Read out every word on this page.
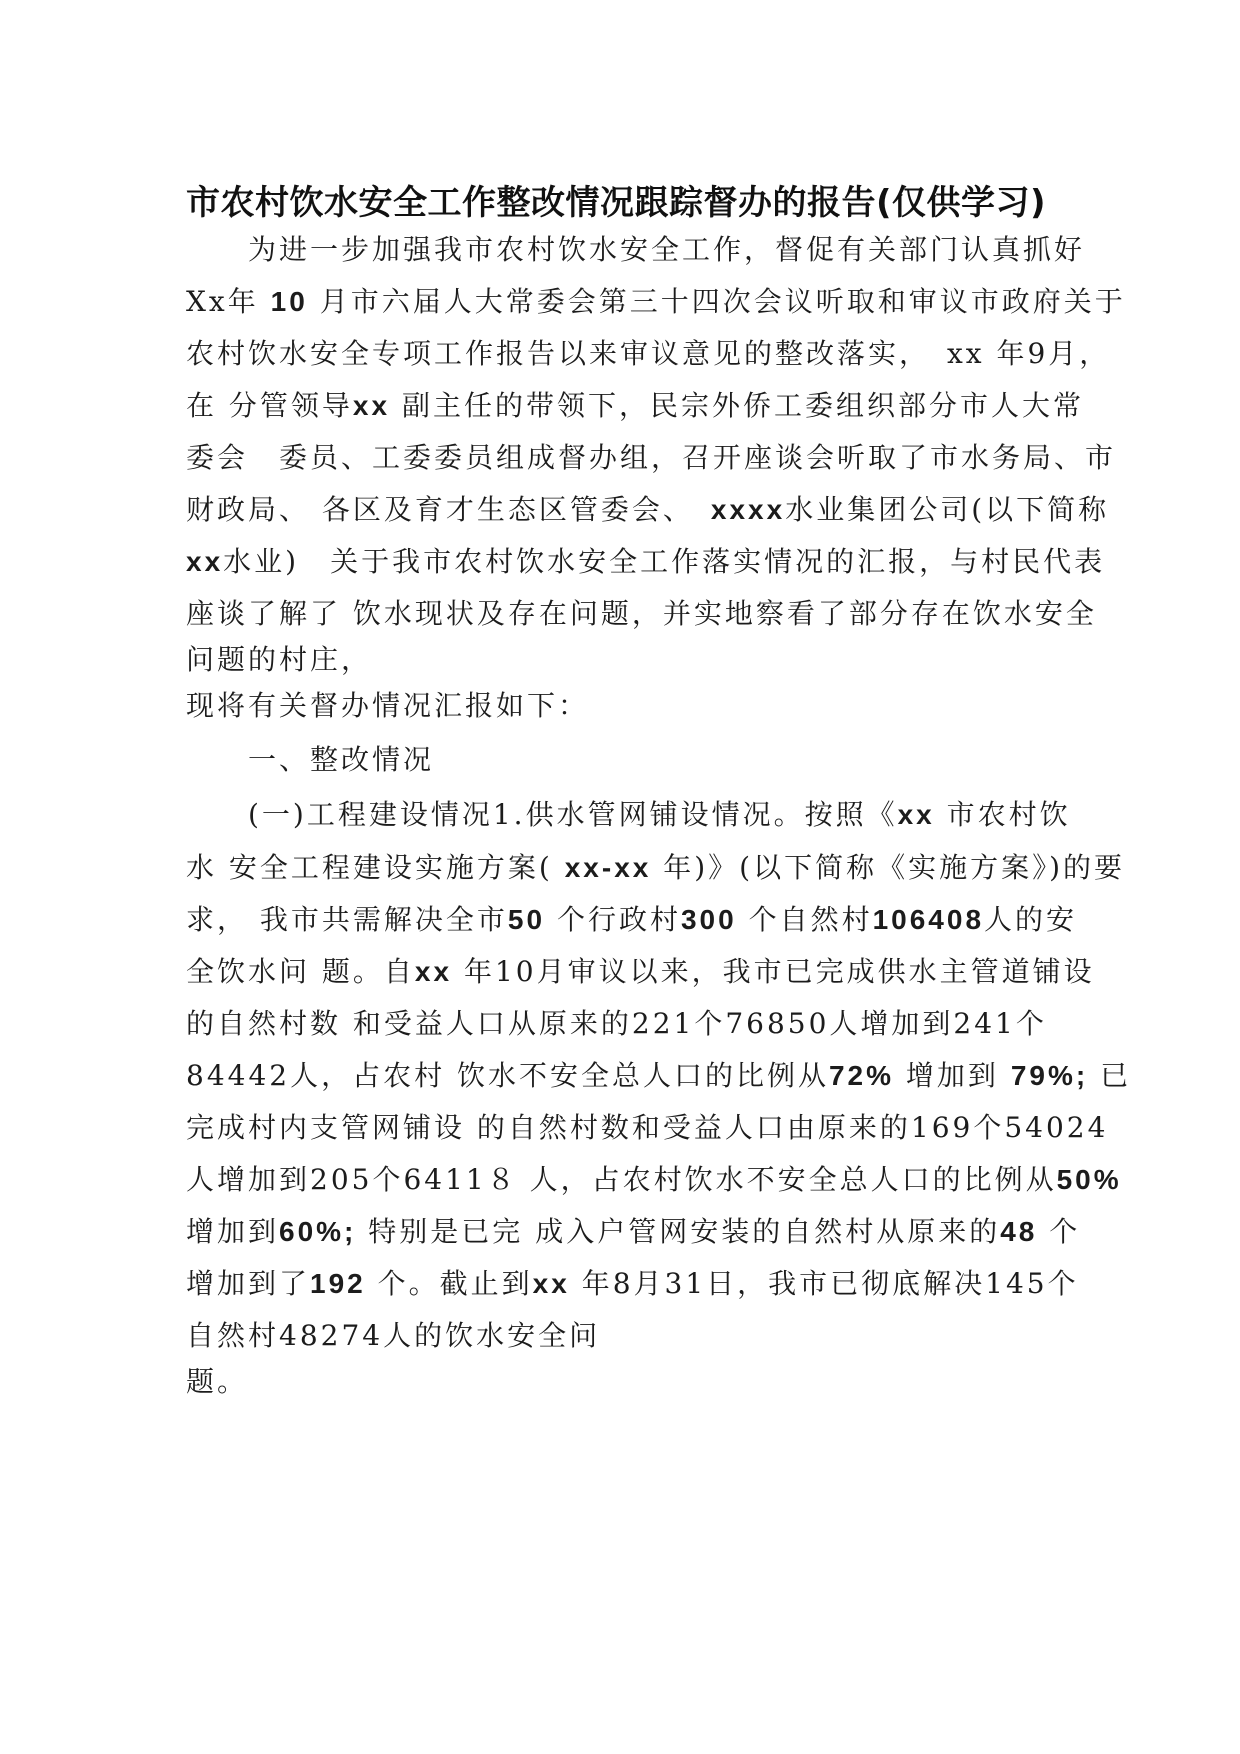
市农村饮水安全工作整改情况跟踪督办的报告(仅供学习)
　　为进一步加强我市农村饮水安全工作，督促有关部门认真抓好
Xx年 10 月市六届人大常委会第三十四次会议听取和审议市政府关于
农村饮水安全专项工作报告以来审议意见的整改落实，　xx 年9月，
在 分管领导xx 副主任的带领下，民宗外侨工委组织部分市人大常
委会　委员、工委委员组成督办组，召开座谈会听取了市水务局、市
财政局、 各区及育才生态区管委会、　xxxx水业集团公司(以下简称
xx水业)　关于我市农村饮水安全工作落实情况的汇报，与村民代表
座谈了解了 饮水现状及存在问题，并实地察看了部分存在饮水安全
问题的村庄，
现将有关督办情况汇报如下：
　　一、整改情况
　　(一)工程建设情况1.供水管网铺设情况。按照《xx 市农村饮
水 安全工程建设实施方案( xx-xx 年)》(以下简称《实施方案》)的要
求， 我市共需解决全市50 个行政村300 个自然村106408人的安
全饮水问 题。自xx 年10月审议以来，我市已完成供水主管道铺设
的自然村数 和受益人口从原来的221个76850人增加到241个
84442人，占农村 饮水不安全总人口的比例从72% 增加到 79%; 已
完成村内支管网铺设 的自然村数和受益人口由原来的169个54024
人增加到205个6411８ 人，占农村饮水不安全总人口的比例从50%
增加到60%; 特别是已完 成入户管网安装的自然村从原来的48 个
增加到了192 个。截止到xx 年8月31日，我市已彻底解决145个
自然村48274人的饮水安全问
题。
